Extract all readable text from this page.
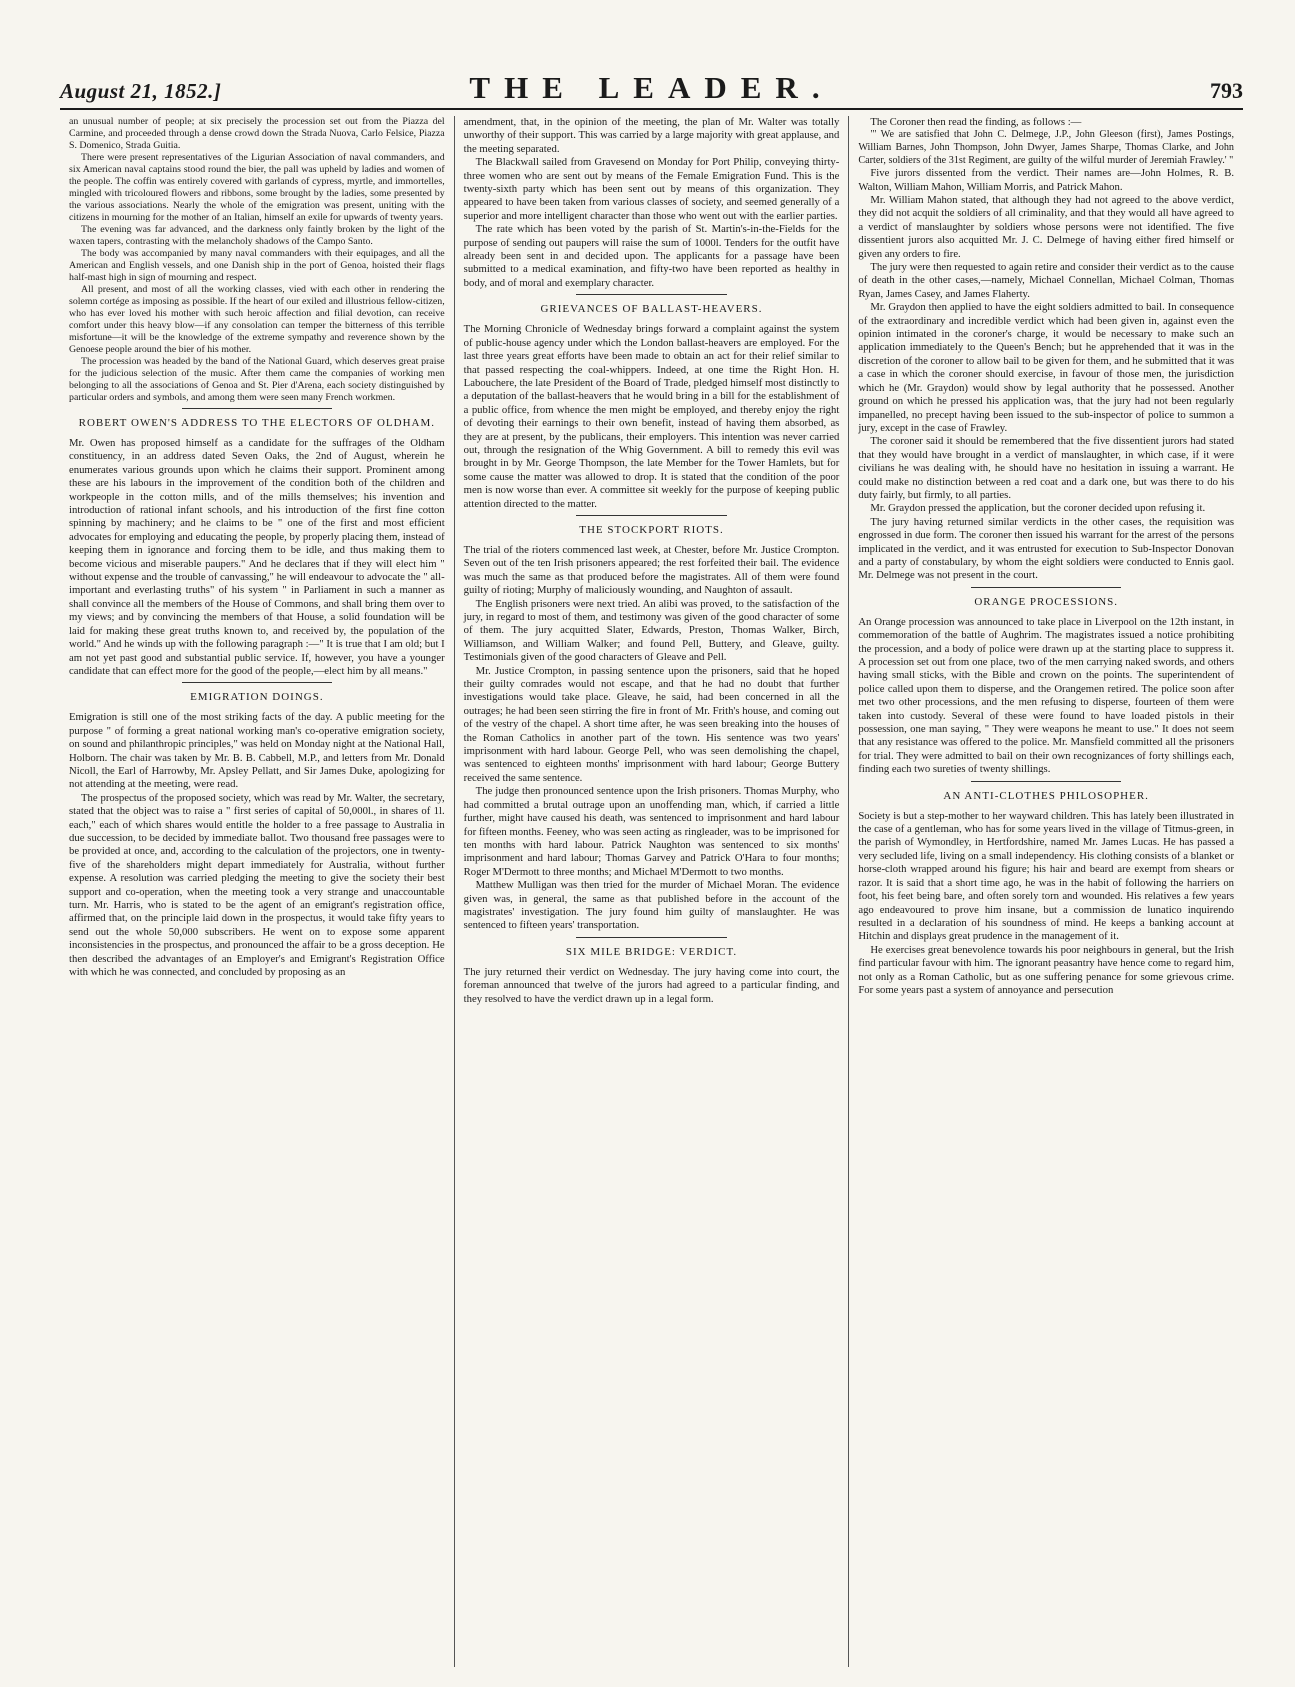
August 21, 1852.]	THE LEADER.	793

an unusual number of people; at six precisely the procession set out from the Piazza del Carmine, and proceeded through a dense crowd down the Strada Nuova, Carlo Felsice, Piazza S. Domenico, Strada Guitia.

There were present representatives of the Ligurian Association of naval commanders, and six American naval captains stood round the bier, the pall was upheld by ladies and women of the people. The coffin was entirely covered with garlands of cypress, myrtle, and immortelles, mingled with tricoloured flowers and ribbons, some brought by the ladies, some presented by the various associations. Nearly the whole of the emigration was present, uniting with the citizens in mourning for the mother of an Italian, himself an exile for upwards of twenty years.

The evening was far advanced, and the darkness only faintly broken by the light of the waxen tapers, contrasting with the melancholy shadows of the Campo Santo.

The body was accompanied by many naval commanders with their equipages, and all the American and English vessels, and one Danish ship in the port of Genoa, hoisted their flags half-mast high in sign of mourning and respect.

All present, and most of all the working classes, vied with each other in rendering the solemn cortége as imposing as possible. If the heart of our exiled and illustrious fellow-citizen, who has ever loved his mother with such heroic affection and filial devotion, can receive comfort under this heavy blow—if any consolation can temper the bitterness of this terrible misfortune—it will be the knowledge of the extreme sympathy and reverence shown by the Genoese people around the bier of his mother.

The procession was headed by the band of the National Guard, which deserves great praise for the judicious selection of the music. After them came the companies of working men belonging to all the associations of Genoa and St. Pier d'Arena, each society distinguished by particular orders and symbols, and among them were seen many French workmen.

ROBERT OWEN'S ADDRESS TO THE ELECTORS OF OLDHAM.

Mr. Owen has proposed himself as a candidate for the suffrages of the Oldham constituency, in an address dated Seven Oaks, the 2nd of August, wherein he enumerates various grounds upon which he claims their support. Prominent among these are his labours in the improvement of the condition both of the children and workpeople in the cotton mills, and of the mills themselves; his invention and introduction of rational infant schools, and his introduction of the first fine cotton spinning by machinery; and he claims to be " one of the first and most efficient advocates for employing and educating the people, by properly placing them, instead of keeping them in ignorance and forcing them to be idle, and thus making them to become vicious and miserable paupers." And he declares that if they will elect him " without expense and the trouble of canvassing," he will endeavour to advocate the " all-important and everlasting truths" of his system " in Parliament in such a manner as shall convince all the members of the House of Commons, and shall bring them over to my views; and by convincing the members of that House, a solid foundation will be laid for making these great truths known to, and received by, the population of the world." And he winds up with the following paragraph :—" It is true that I am old; but I am not yet past good and substantial public service. If, however, you have a younger candidate that can effect more for the good of the people,—elect him by all means."

EMIGRATION DOINGS.

Emigration is still one of the most striking facts of the day. A public meeting for the purpose " of forming a great national working man's co-operative emigration society, on sound and philanthropic principles," was held on Monday night at the National Hall, Holborn. The chair was taken by Mr. B. B. Cabbell, M.P., and letters from Mr. Donald Nicoll, the Earl of Harrowby, Mr. Apsley Pellatt, and Sir James Duke, apologizing for not attending at the meeting, were read.

The prospectus of the proposed society, which was read by Mr. Walter, the secretary, stated that the object was to raise a " first series of capital of 50,000l., in shares of 1l. each," each of which shares would entitle the holder to a free passage to Australia in due succession, to be decided by immediate ballot. Two thousand free passages were to be provided at once, and, according to the calculation of the projectors, one in twenty-five of the shareholders might depart immediately for Australia, without further expense. A resolution was carried pledging the meeting to give the society their best support and co-operation, when the meeting took a very strange and unaccountable turn. Mr. Harris, who is stated to be the agent of an emigrant's registration office, affirmed that, on the principle laid down in the prospectus, it would take fifty years to send out the whole 50,000 subscribers. He went on to expose some apparent inconsistencies in the prospectus, and pronounced the affair to be a gross deception. He then described the advantages of an Employer's and Emigrant's Registration Office with which he was connected, and concluded by proposing as an

amendment, that, in the opinion of the meeting, the plan of Mr. Walter was totally unworthy of their support. This was carried by a large majority with great applause, and the meeting separated.

The Blackwall sailed from Gravesend on Monday for Port Philip, conveying thirty-three women who are sent out by means of the Female Emigration Fund. This is the twenty-sixth party which has been sent out by means of this organization. They appeared to have been taken from various classes of society, and seemed generally of a superior and more intelligent character than those who went out with the earlier parties.

The rate which has been voted by the parish of St. Martin's-in-the-Fields for the purpose of sending out paupers will raise the sum of 1000l. Tenders for the outfit have already been sent in and decided upon. The applicants for a passage have been submitted to a medical examination, and fifty-two have been reported as healthy in body, and of moral and exemplary character.

GRIEVANCES OF BALLAST-HEAVERS.

The Morning Chronicle of Wednesday brings forward a complaint against the system of public-house agency under which the London ballast-heavers are employed. For the last three years great efforts have been made to obtain an act for their relief similar to that passed respecting the coal-whippers. Indeed, at one time the Right Hon. H. Labouchere, the late President of the Board of Trade, pledged himself most distinctly to a deputation of the ballast-heavers that he would bring in a bill for the establishment of a public office, from whence the men might be employed, and thereby enjoy the right of devoting their earnings to their own benefit, instead of having them absorbed, as they are at present, by the publicans, their employers. This intention was never carried out, through the resignation of the Whig Government. A bill to remedy this evil was brought in by Mr. George Thompson, the late Member for the Tower Hamlets, but for some cause the matter was allowed to drop. It is stated that the condition of the poor men is now worse than ever. A committee sit weekly for the purpose of keeping public attention directed to the matter.

THE STOCKPORT RIOTS.

The trial of the rioters commenced last week, at Chester, before Mr. Justice Crompton. Seven out of the ten Irish prisoners appeared; the rest forfeited their bail. The evidence was much the same as that produced before the magistrates. All of them were found guilty of rioting; Murphy of maliciously wounding, and Naughton of assault.

The English prisoners were next tried. An alibi was proved, to the satisfaction of the jury, in regard to most of them, and testimony was given of the good character of some of them. The jury acquitted Slater, Edwards, Preston, Thomas Walker, Birch, Williamson, and William Walker; and found Pell, Buttery, and Gleave, guilty. Testimonials given of the good characters of Gleave and Pell.

Mr. Justice Crompton, in passing sentence upon the prisoners, said that he hoped their guilty comrades would not escape, and that he had no doubt that further investigations would take place. Gleave, he said, had been concerned in all the outrages; he had been seen stirring the fire in front of Mr. Frith's house, and coming out of the vestry of the chapel. A short time after, he was seen breaking into the houses of the Roman Catholics in another part of the town. His sentence was two years' imprisonment with hard labour. George Pell, who was seen demolishing the chapel, was sentenced to eighteen months' imprisonment with hard labour; George Buttery received the same sentence.

The judge then pronounced sentence upon the Irish prisoners. Thomas Murphy, who had committed a brutal outrage upon an unoffending man, which, if carried a little further, might have caused his death, was sentenced to imprisonment and hard labour for fifteen months. Feeney, who was seen acting as ringleader, was to be imprisoned for ten months with hard labour. Patrick Naughton was sentenced to six months' imprisonment and hard labour; Thomas Garvey and Patrick O'Hara to four months; Roger M'Dermott to three months; and Michael M'Dermott to two months.

Matthew Mulligan was then tried for the murder of Michael Moran. The evidence given was, in general, the same as that published before in the account of the magistrates' investigation. The jury found him guilty of manslaughter. He was sentenced to fifteen years' transportation.

SIX MILE BRIDGE: VERDICT.

The jury returned their verdict on Wednesday. The jury having come into court, the foreman announced that twelve of the jurors had agreed to a particular finding, and they resolved to have the verdict drawn up in a legal form.

The Coroner then read the finding, as follows :—

"' We are satisfied that John C. Delmege, J.P., John Gleeson (first), James Postings, William Barnes, John Thompson, John Dwyer, James Sharpe, Thomas Clarke, and John Carter, soldiers of the 31st Regiment, are guilty of the wilful murder of Jeremiah Frawley.' "

Five jurors dissented from the verdict. Their names are—John Holmes, R. B. Walton, William Mahon, William Morris, and Patrick Mahon.

Mr. William Mahon stated, that although they had not agreed to the above verdict, they did not acquit the soldiers of all criminality, and that they would all have agreed to a verdict of manslaughter by soldiers whose persons were not identified. The five dissentient jurors also acquitted Mr. J. C. Delmege of having either fired himself or given any orders to fire.

The jury were then requested to again retire and consider their verdict as to the cause of death in the other cases,—namely, Michael Connellan, Michael Colman, Thomas Ryan, James Casey, and James Flaherty.

Mr. Graydon then applied to have the eight soldiers admitted to bail. In consequence of the extraordinary and incredible verdict which had been given in, against even the opinion intimated in the coroner's charge, it would be necessary to make such an application immediately to the Queen's Bench; but he apprehended that it was in the discretion of the coroner to allow bail to be given for them, and he submitted that it was a case in which the coroner should exercise, in favour of those men, the jurisdiction which he (Mr. Graydon) would show by legal authority that he possessed. Another ground on which he pressed his application was, that the jury had not been regularly impanelled, no precept having been issued to the sub-inspector of police to summon a jury, except in the case of Frawley.

The coroner said it should be remembered that the five dissentient jurors had stated that they would have brought in a verdict of manslaughter, in which case, if it were civilians he was dealing with, he should have no hesitation in issuing a warrant. He could make no distinction between a red coat and a dark one, but was there to do his duty fairly, but firmly, to all parties.

Mr. Graydon pressed the application, but the coroner decided upon refusing it.

The jury having returned similar verdicts in the other cases, the requisition was engrossed in due form. The coroner then issued his warrant for the arrest of the persons implicated in the verdict, and it was entrusted for execution to Sub-Inspector Donovan and a party of constabulary, by whom the eight soldiers were conducted to Ennis gaol. Mr. Delmege was not present in the court.

ORANGE PROCESSIONS.

An Orange procession was announced to take place in Liverpool on the 12th instant, in commemoration of the battle of Aughrim. The magistrates issued a notice prohibiting the procession, and a body of police were drawn up at the starting place to suppress it. A procession set out from one place, two of the men carrying naked swords, and others having small sticks, with the Bible and crown on the points. The superintendent of police called upon them to disperse, and the Orangemen retired. The police soon after met two other processions, and the men refusing to disperse, fourteen of them were taken into custody. Several of these were found to have loaded pistols in their possession, one man saying, " They were weapons he meant to use." It does not seem that any resistance was offered to the police. Mr. Mansfield committed all the prisoners for trial. They were admitted to bail on their own recognizances of forty shillings each, finding each two sureties of twenty shillings.

AN ANTI-CLOTHES PHILOSOPHER.

Society is but a step-mother to her wayward children. This has lately been illustrated in the case of a gentleman, who has for some years lived in the village of Titmus-green, in the parish of Wymondley, in Hertfordshire, named Mr. James Lucas. He has passed a very secluded life, living on a small independency. His clothing consists of a blanket or horse-cloth wrapped around his figure; his hair and beard are exempt from shears or razor. It is said that a short time ago, he was in the habit of following the harriers on foot, his feet being bare, and often sorely torn and wounded. His relatives a few years ago endeavoured to prove him insane, but a commission de lunatico inquirendo resulted in a declaration of his soundness of mind. He keeps a banking account at Hitchin and displays great prudence in the management of it.

He exercises great benevolence towards his poor neighbours in general, but the Irish find particular favour with him. The ignorant peasantry have hence come to regard him, not only as a Roman Catholic, but as one suffering penance for some grievous crime. For some years past a system of annoyance and persecution
